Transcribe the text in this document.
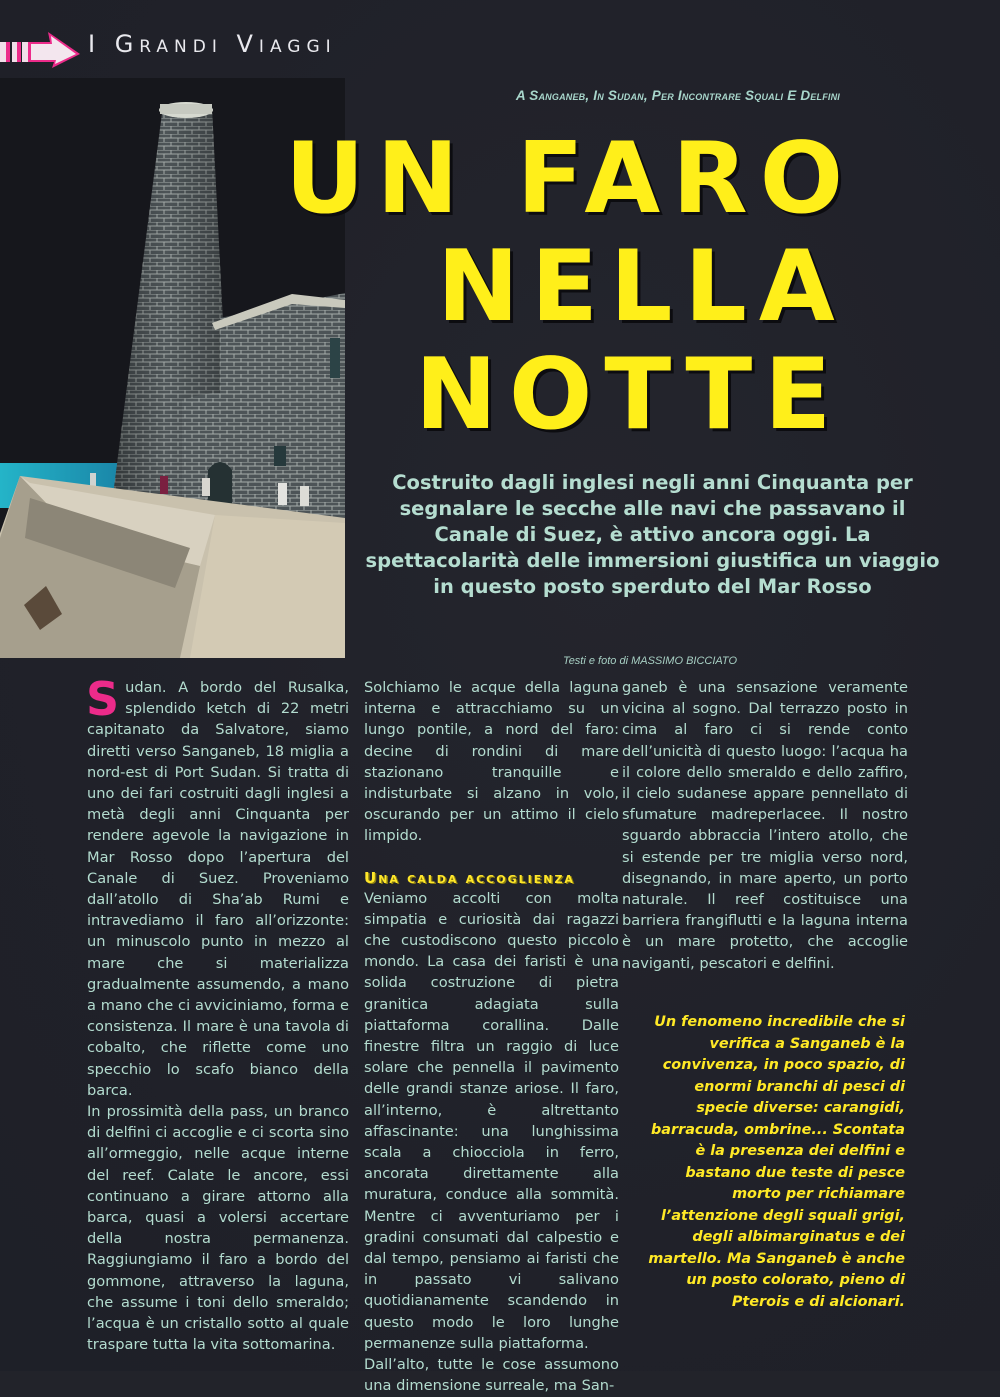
I Grandi Viaggi
A Sanganeb, In Sudan, Per Incontrare Squali E Delfini
UN FARO
NELLA
NOTTE
Costruito dagli inglesi negli anni Cinquanta per segnalare le secche alle navi che passavano il Canale di Suez, è attivo ancora oggi. La spettacolarità delle immersioni giustifica un viaggio in questo posto sperduto del Mar Rosso
Testi e foto di MASSIMO BICCIATO

Sudan. A bordo del Rusalka, splendido ketch di 22 metri capitanato da Salvatore, siamo diretti verso Sanganeb, 18 miglia a nord-est di Port Sudan. Si tratta di uno dei fari costruiti dagli inglesi a metà degli anni Cinquanta per rendere agevole la navigazione in Mar Rosso dopo l’apertura del Canale di Suez. Proveniamo dall’atollo di Sha’ab Rumi e intravediamo il faro all’orizzonte: un minuscolo punto in mezzo al mare che si materializza gradualmente assumendo, a mano a mano che ci avviciniamo, forma e consistenza. Il mare è una tavola di cobalto, che riflette come uno specchio lo scafo bianco della barca.

In prossimità della pass, un branco di delfini ci accoglie e ci scorta sino all’ormeggio, nelle acque interne del reef. Calate le ancore, essi continuano a girare attorno alla barca, quasi a volersi accertare della nostra permanenza. Raggiungiamo il faro a bordo del gommone, attraverso la laguna, che assume i toni dello smeraldo; l’acqua è un cristallo sotto al quale traspare tutta la vita sottomarina.

Solchiamo le acque della laguna interna e attracchiamo su un lungo pontile, a nord del faro: decine di rondini di mare stazionano tranquille e indisturbate si alzano in volo, oscurando per un attimo il cielo limpido.

Una calda accoglienza

Veniamo accolti con molta simpatia e curiosità dai ragazzi che custodiscono questo piccolo mondo. La casa dei faristi è una solida costruzione di pietra granitica adagiata sulla piattaforma corallina. Dalle finestre filtra un raggio di luce solare che pennella il pavimento delle grandi stanze ariose. Il faro, all’interno, è altrettanto affascinante: una lunghissima scala a chiocciola in ferro, ancorata direttamente alla muratura, conduce alla sommità. Mentre ci avventuriamo per i gradini consumati dal calpestio e dal tempo, pensiamo ai faristi che in passato vi salivano quotidianamente scandendo in questo modo le loro lunghe permanenze sulla piattaforma.

Dall’alto, tutte le cose assumono una dimensione surreale, ma San-

ganeb è una sensazione veramente vicina al sogno. Dal terrazzo posto in cima al faro ci si rende conto dell’unicità di questo luogo: l’acqua ha il colore dello smeraldo e dello zaffiro, il cielo sudanese appare pennellato di sfumature madreperlacee. Il nostro sguardo abbraccia l’intero atollo, che si estende per tre miglia verso nord, disegnando, in mare aperto, un porto naturale. Il reef costituisce una barriera frangiflutti e la laguna interna è un mare protetto, che accoglie naviganti, pescatori e delfini.

Un fenomeno incredibile che si verifica a Sanganeb è la convivenza, in poco spazio, di enormi branchi di pesci di specie diverse: carangidi, barracuda, ombrine... Scontata è la presenza dei delfini e bastano due teste di pesce morto per richiamare l’attenzione degli squali grigi, degli albimarginatus e dei martello. Ma Sanganeb è anche un posto colorato, pieno di Pterois e di alcionari.
